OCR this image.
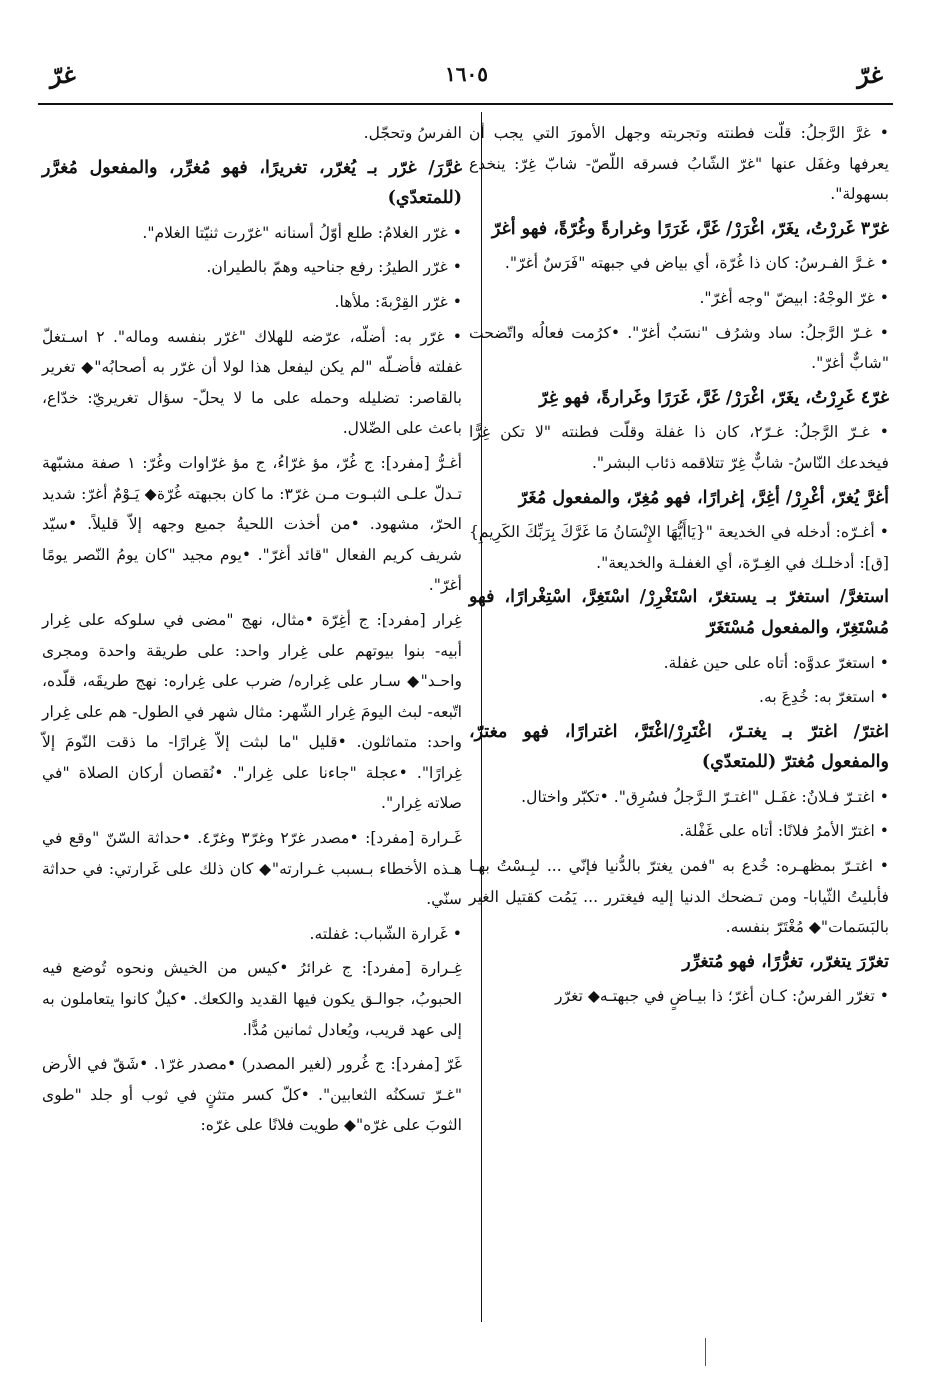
غرّ
١٦٠٥
غرّ

• غرَّ الرَّجلُ: قلّت فطنته وتجربته وجهل الأمورَ التي يجب أن يعرفها وغفَل عنها "غرّ الشّابُ فسرقه اللّصّ- شابّ غِرّ: ينخدع بسهولة".

غرّ٣ غَررْتُ، يغَرّ، اغْرَرْ/ غَرَّ، غَرَرًا وغرارةً وغُرّةً، فهو أغرّ

• غـرَّ الفـرسُ: كان ذا غُرّة، أي بياض في جبهته "فَرَسٌ أغرّ".

• غرّ الوجْهُ: ابيضّ "وجه أغرّ".

• غـرّ الرَّجلُ: ساد وشرُف "نسَبٌ أغرّ". •كرُمت فعالُه واتّضحت "شابٌّ أغرّ".

غرّ٤ غَرِرْتُ، يغَرّ، اغْرَرْ/ غَرَّ، غَرَرًا وغَرارةً، فهو غِرّ

• غـرّ الرَّجلُ: غـرّ٢، كان ذا غفلة وقلّت فطنته "لا تكن غِرًّا فيخدعك النّاسُ- شابٌّ غِرّ تتلاقمه ذئاب البشر".

أغرَّ يُغرّ، أغْرِرْ/ أغِرَّ، إغرارًا، فهو مُغِرّ، والمفعول مُغَرّ

• أغـرّه: أدخله في الخديعة "{يَاأَيُّهَا الإِنْسَانُ مَا غَرَّكَ بِرَبِّكَ الكَرِيمِ} [ق]: أدخلـك في الغِـرّة، أي الغفلـة والخديعة".

استغرَّ/ استغرّ بـ يستغرّ، اسْتَغْرِرْ/ اسْتَغِرَّ، اسْتِغْرارًا، فهو مُسْتَغِرّ، والمفعول مُسْتَغَرّ

• استغرّ عدوَّه: أتاه على حين غفلة.

• استغرّ به: خُدِعَ به.

اغترّ/ اغترّ بـ يغتـرّ، اغْتَرِرْ/اغْتَرَّ، اغترارًا، فهو مغترّ، والمفعول مُغترّ (للمتعدّي)

• اغتـرّ فـلانٌ: غفَـل "اغتـرّ الـرَّجلُ فسُرِق". •تكبّر واختال.

• اغترّ الأمرُ فلانًا: أتاه على غَفْلة.

• اغتـرّ بمظهـره: خُدع به "فمن يغترّ بالدُّنيا فإنّي ... لبِـسْتُ بهـا فأبليتُ الثّيابا- ومن تـضحك الدنيا إليه فيغترر ... يَمُت كقتيل الغير بالبَسَمات"◆ مُغْتَرّ بنفسه.

تغرّرَ يتغرّر، تغرُّرًا، فهو مُتغرِّر

• تغرّر الفرسُ: كـان أغرّ؛ ذا بيـاضٍ في جبهتـه◆ تغرّر

الفرسُ وتحجّل.

غرَّرَ/ غرّر بـ يُغرّر، تغريرًا، فهو مُغرِّر، والمفعول مُغرَّر (للمتعدّي)

• غرّر الغلامُ: طلع أوّلُ أسنانه "غرّرت ثنيّتا الغلام".

• غرّر الطيرُ: رفع جناحيه وهمّ بالطيران.

• غرّر القِرْبةَ: ملأها.

• غرّر به: أضلّه، عرّضه للهلاك "غرّر بنفسه وماله". ٢ اسـتغلّ غفلته فأضـلّه "لم يكن ليفعل هذا لولا أن غرّر به أصحابُه"◆ تغرير بالقاصر: تضليله وحمله على ما لا يحلّ- سؤال تغريريّ: خدّاع، باعث على الضّلال.

أغـرُّ [مفرد]: ج غُرّ، مؤ غرّاءُ، ج مؤ غرّاوات وغُرّ: ١ صفة مشبّهة تـدلّ علـى الثبـوت مـن غرّ٣: ما كان بجبهته غُرّة◆ يَـوْمٌ أغرّ: شديد الحرّ، مشهود. •من أخذت اللحيةُ جميع وجهه إلاّ قليلاً. •سيّد شريف كريم الفعال "قائد أغرّ". •يوم مجيد "كان يومُ النّصر يومًا أغرّ".

غِرار [مفرد]: ج أغِرّة •مثال، نهج "مضى في سلوكه على غِرار أبيه- بنوا بيوتهم على غِرار واحد: على طريقة واحدة ومجرى واحـد"◆ سـار على غِراره/ ضرب على غِراره: نهج طريقَه، قلّده، اتّبعه- لبث اليومَ غِرار الشّهر: مثال شهر في الطول- هم على غِرار واحد: متماثلون. •قليل "ما لبثت إلاّ غِرارًا- ما ذقت النّومَ إلاّ غِرارًا". •عجلة "جاءنا على غِرار". •نُقصان أركان الصلاة "في صلاته غِرار".

غَـرارة [مفرد]: •مصدر غرّ٢ وغرّ٣ وغرّ٤. •حداثة السّنّ "وقع في هـذه الأخطاء بـسبب غـرارته"◆ كان ذلك على غَرارتي: في حداثة سنّي.

• غَرارة الشّباب: غفلته.

غِـرارة [مفرد]: ج غرائرُ •كيس من الخيش ونحوه تُوضع فيه الحبوبُ، جوالـق يكون فيها القديد والكعك. •كيلٌ كانوا يتعاملون به إلى عهد قريب، ويُعادل ثمانين مُدًّا.

غَرّ [مفرد]: ج غُرور (لغير المصدر) •مصدر غرّ١. •شَقّ في الأرض "غـرّ تسكنُه الثعابين". •كلّ كسر متثنٍ في ثوب أو جلد "طوى الثوبَ على غرّه"◆ طويت فلانًا على غرّه:
